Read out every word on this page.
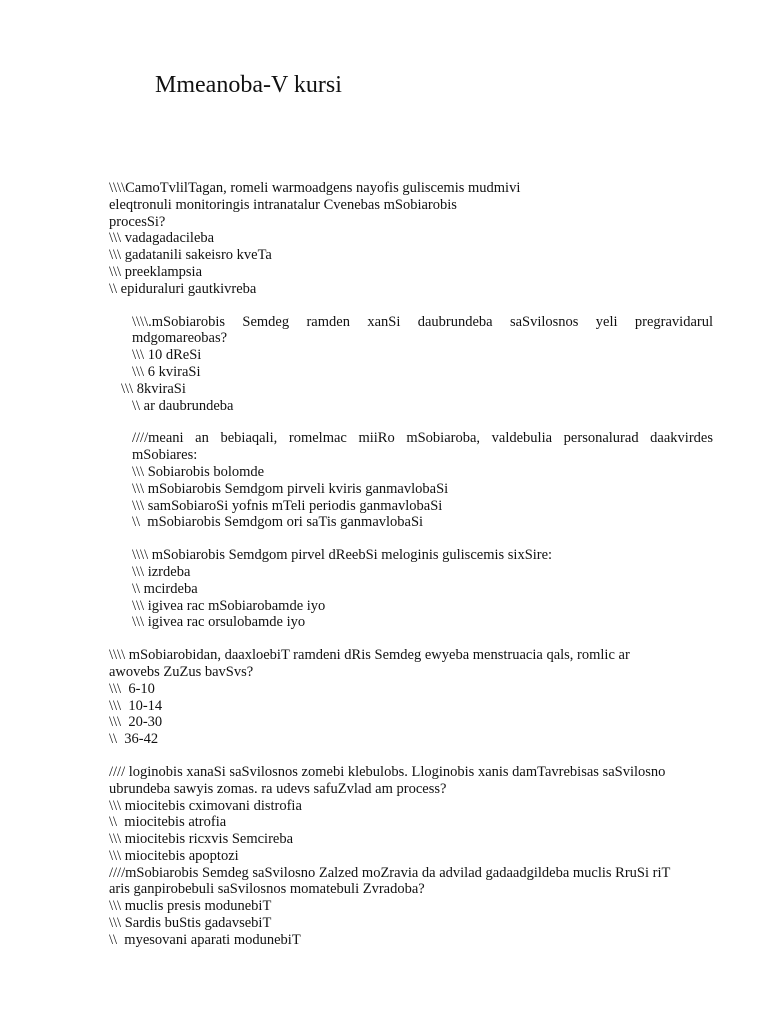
Mmeanoba-V kursi
\\\\CamoTvlilTagan, romeli warmoadgens nayofis guliscemis mudmivi
eleqtronuli monitoringis intranatalur Cvenebas mSobiarobis
procesSi?
\\\ vadagadacileba
\\\ gadatanili sakeisro kveTa
\\\ preeklampsia
\\ epiduraluri gautkivreba
\\\\.mSobiarobis Semdeg ramden xanSi daubrundeba saSvilosnos yeli pregravidarul mdgomareobas?
\\\ 10 dReSi
\\\ 6 kviraSi
\\\ 8kviraSi
\\ ar daubrundeba
////meani an bebiaqali, romelmac miiRo mSobiaroba, valdebulia personalurad daakvirdes mSobiares:
\\\ Sobiarobis bolomde
\\\ mSobiarobis Semdgom pirveli kviris ganmavlobaSi
\\\ samSobiaroSi yofnis mTeli periodis ganmavlobaSi
\\  mSobiarobis Semdgom ori saTis ganmavlobaSi
\\\\ mSobiarobis Semdgom pirvel dReebSi meloginis guliscemis sixSire:
\\\ izrdeba
\\ mcirdeba
\\\ igivea rac mSobiarobamde iyo
\\\ igivea rac orsulobamde iyo
\\\\ mSobiarobidan, daaxloebiT ramdeni dRis Semdeg ewyeba menstruacia qals, romlic ar
awovebs ZuZus bavSvs?
\\\  6-10
\\\  10-14
\\\  20-30
\\  36-42
//// loginobis xanaSi saSvilosnos zomebi klebulobs. Lloginobis xanis damTavrebisas saSvilosno
ubrundeba sawyis zomas. ra udevs safuZvlad am process?
\\\ miocitebis cximovani distrofia
\\  miocitebis atrofia
\\\ miocitebis ricxvis Semcireba
\\\ miocitebis apoptozi
////mSobiarobis Semdeg saSvilosno Zalzed moZravia da advilad gadaadgildeba muclis RruSi riT
aris ganpirobebuli saSvilosnos momatebuli Zvradoba?
\\\ muclis presis modunebiT
\\\ Sardis buStis gadavsebiT
\\  myesovani aparati modunebiT
